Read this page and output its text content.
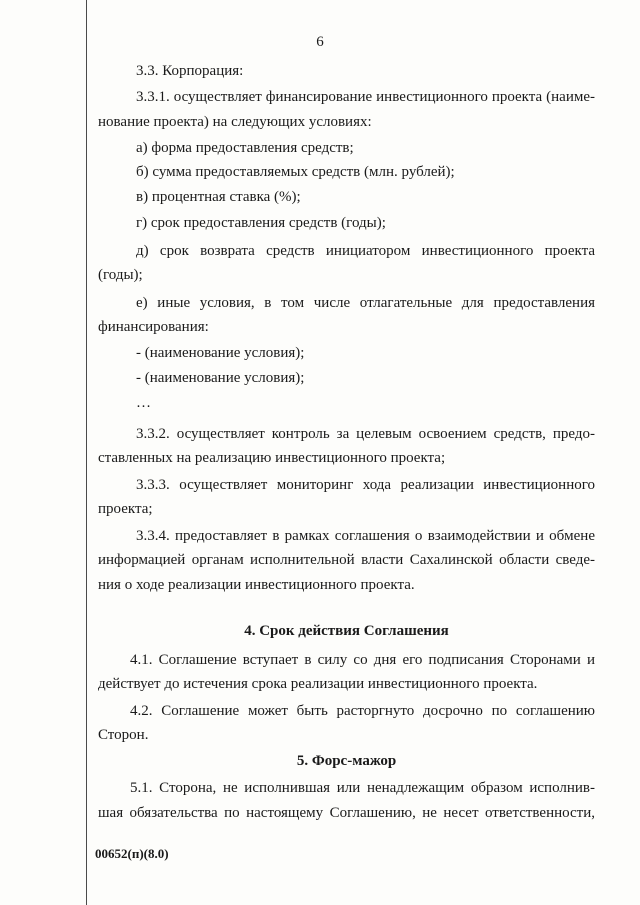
6
3.3. Корпорация:
3.3.1. осуществляет финансирование инвестиционного проекта (наиме-
нование проекта) на следующих условиях:
а) форма предоставления средств;
б) сумма предоставляемых средств (млн. рублей);
в) процентная ставка (%);
г) срок предоставления средств (годы);
д) срок возврата средств инициатором инвестиционного проекта
(годы);
е) иные условия, в том числе отлагательные для предоставления
финансирования:
- (наименование условия);
- (наименование условия);
…
3.3.2. осуществляет контроль за целевым освоением средств, предо-
ставленных на реализацию инвестиционного проекта;
3.3.3. осуществляет мониторинг хода реализации инвестиционного
проекта;
3.3.4. предоставляет в рамках соглашения о взаимодействии и обмене
информацией органам исполнительной власти Сахалинской области сведе-
ния о ходе реализации инвестиционного проекта.
4. Срок действия Соглашения
4.1. Соглашение вступает в силу со дня его подписания Сторонами и
действует до истечения срока реализации инвестиционного проекта.
4.2. Соглашение может быть расторгнуто досрочно по соглашению
Сторон.
5. Форс-мажор
5.1. Сторона, не исполнившая или ненадлежащим образом исполнив-
шая обязательства по настоящему Соглашению, не несет ответственности,
00652(п)(8.0)
